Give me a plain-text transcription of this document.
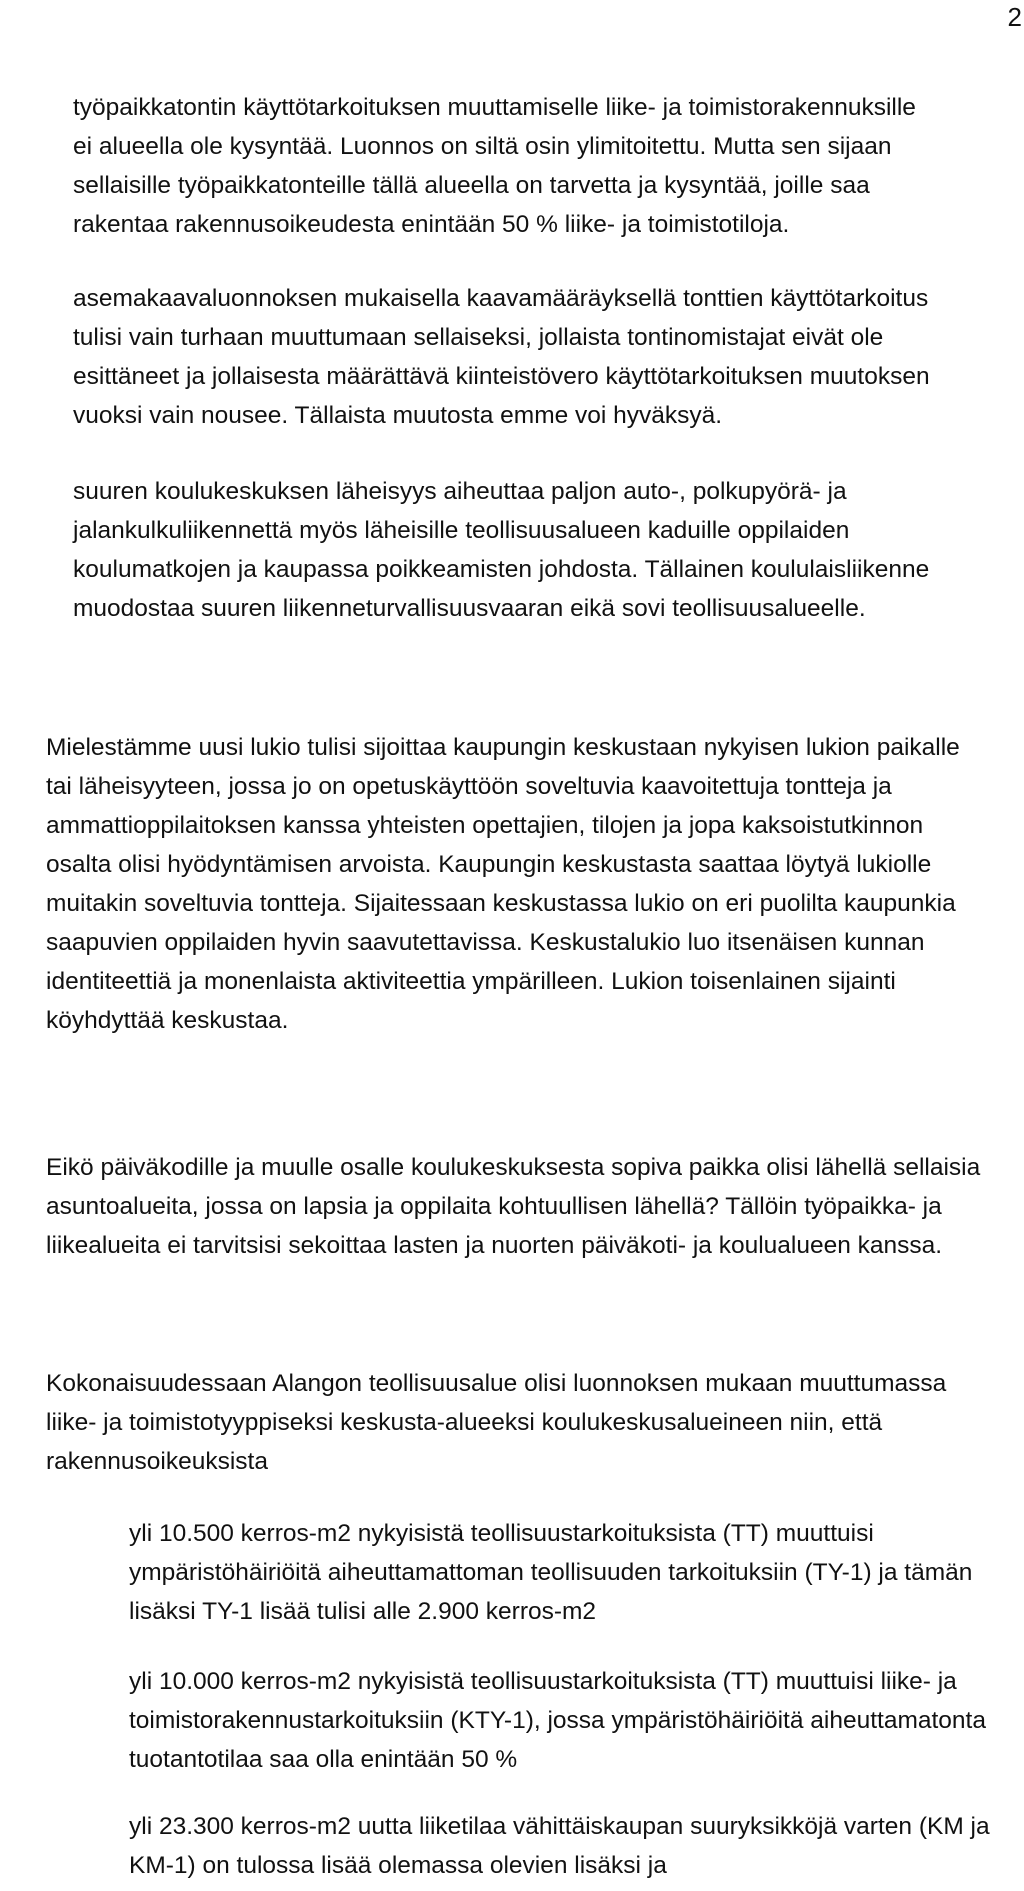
2

työpaikkatontin käyttötarkoituksen muuttamiselle liike- ja toimistorakennuksille
ei alueella ole kysyntää. Luonnos on siltä osin ylimitoitettu. Mutta sen sijaan
sellaisille työpaikkatonteille tällä alueella on tarvetta ja kysyntää, joille saa
rakentaa rakennusoikeudesta enintään 50 % liike- ja toimistotiloja.

asemakaavaluonnoksen mukaisella kaavamääräyksellä tonttien käyttötarkoitus
tulisi vain turhaan muuttumaan sellaiseksi, jollaista tontinomistajat eivät ole
esittäneet ja jollaisesta määrättävä kiinteistövero käyttötarkoituksen muutoksen
vuoksi vain nousee. Tällaista muutosta emme voi hyväksyä.

suuren koulukeskuksen läheisyys aiheuttaa paljon auto-, polkupyörä- ja
jalankulkuliikennettä myös läheisille teollisuusalueen kaduille oppilaiden
koulumatkojen ja kaupassa poikkeamisten johdosta. Tällainen koululaisliikenne
muodostaa suuren liikenneturvallisuusvaaran eikä sovi teollisuusalueelle.

Mielestämme uusi lukio tulisi sijoittaa kaupungin keskustaan nykyisen lukion paikalle
tai läheisyyteen, jossa jo on opetuskäyttöön soveltuvia kaavoitettuja tontteja ja
ammattioppilaitoksen kanssa yhteisten opettajien, tilojen ja jopa kaksoistutkinnon
osalta olisi hyödyntämisen arvoista. Kaupungin keskustasta saattaa löytyä lukiolle
muitakin soveltuvia tontteja. Sijaitessaan keskustassa lukio on eri puolilta kaupunkia
saapuvien oppilaiden hyvin saavutettavissa. Keskustalukio luo itsenäisen kunnan
identiteettiä ja monenlaista aktiviteettia ympärilleen. Lukion toisenlainen sijainti
köyhdyttää keskustaa.

Eikö päiväkodille ja muulle osalle koulukeskuksesta sopiva paikka olisi lähellä sellaisia
asuntoalueita, jossa on lapsia ja oppilaita kohtuullisen lähellä? Tällöin työpaikka- ja
liikealueita ei tarvitsisi sekoittaa lasten ja nuorten päiväkoti- ja koulualueen kanssa.

Kokonaisuudessaan Alangon teollisuusalue olisi luonnoksen mukaan muuttumassa
liike- ja toimistotyyppiseksi keskusta-alueeksi koulukeskusalueineen niin, että
rakennusoikeuksista

yli 10.500 kerros-m2 nykyisistä teollisuustarkoituksista (TT) muuttuisi
ympäristöhäiriöitä aiheuttamattoman teollisuuden tarkoituksiin (TY-1) ja tämän
lisäksi TY-1 lisää tulisi alle 2.900 kerros-m2

yli 10.000 kerros-m2 nykyisistä teollisuustarkoituksista (TT) muuttuisi liike- ja
toimistorakennustarkoituksiin (KTY-1), jossa ympäristöhäiriöitä aiheuttamatonta
tuotantotilaa saa olla enintään 50 %

yli 23.300 kerros-m2 uutta liiketilaa vähittäiskaupan suuryksikköjä varten (KM ja
KM-1) on tulossa lisää olemassa olevien lisäksi ja
